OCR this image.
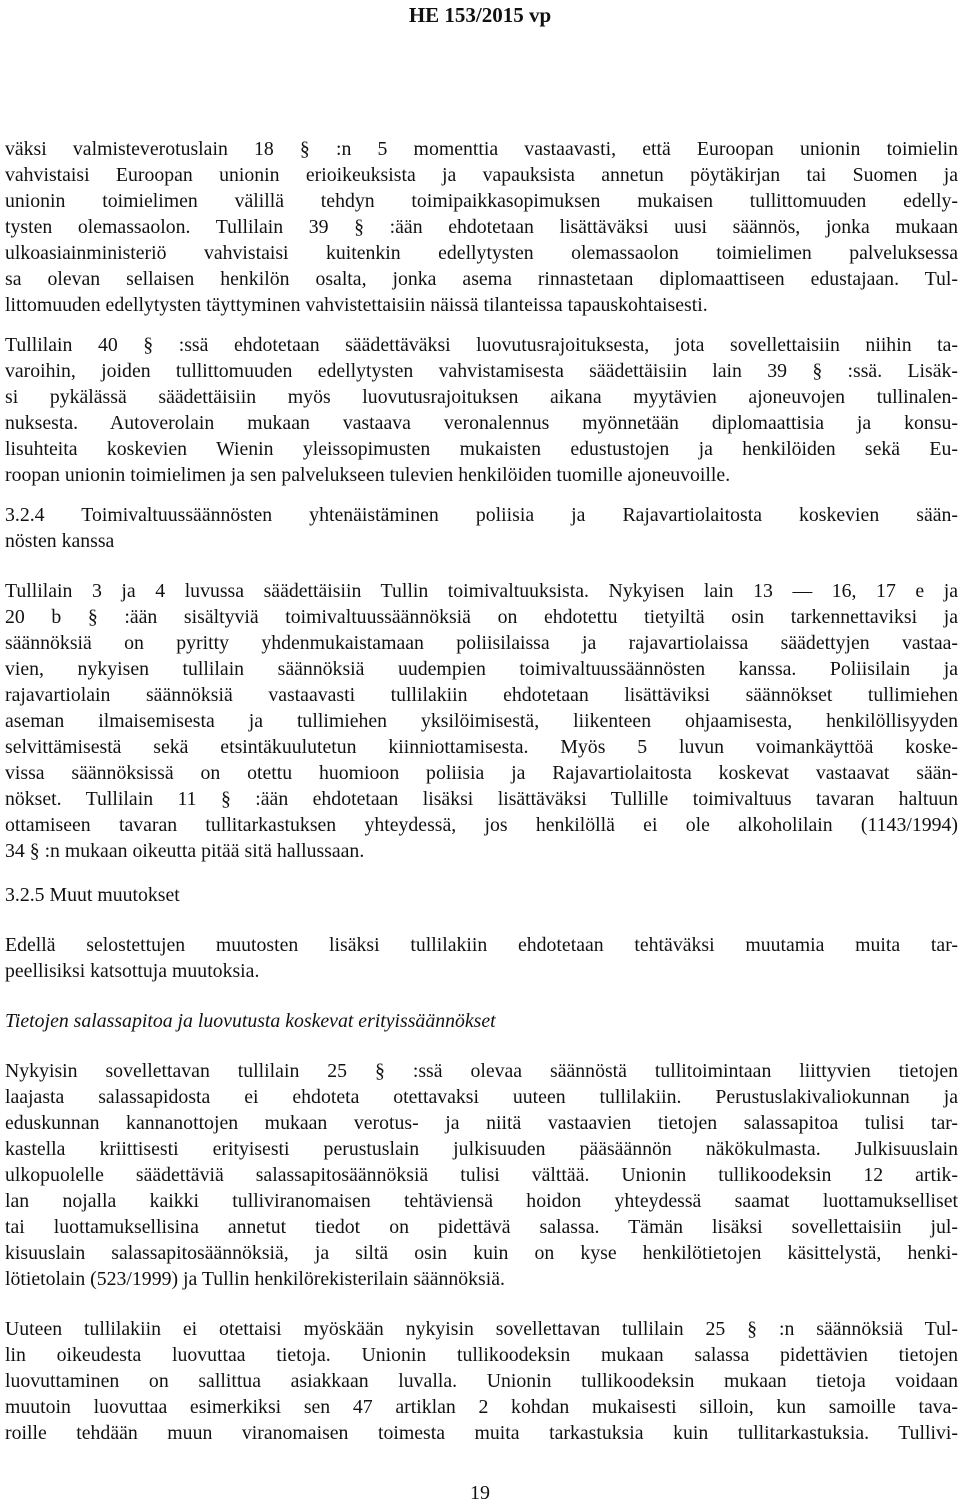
HE 153/2015 vp
väksi valmisteverotuslain 18 § :n 5 momenttia vastaavasti, että Euroopan unionin toimielin
vahvistaisi Euroopan unionin erioikeuksista ja vapauksista annetun pöytäkirjan tai Suomen ja
unionin toimielimen välillä tehdyn toimipaikkasopimuksen mukaisen tullittomuuden edelly-
tysten olemassaolon. Tullilain 39 § :ään ehdotetaan lisättäväksi uusi säännös, jonka mukaan
ulkoasiainministeriö vahvistaisi kuitenkin edellytysten olemassaolon toimielimen palveluksessa
sa olevan sellaisen henkilön osalta, jonka asema rinnastetaan diplomaattiseen edustajaan. Tul-
littomuuden edellytysten täyttyminen vahvistettaisiin näissä tilanteissa tapauskohtaisesti.
Tullilain 40 § :ssä ehdotetaan säädettäväksi luovutusrajoituksesta, jota sovellettaisiin niihin ta-
varoihin, joiden tullittomuuden edellytysten vahvistamisesta säädettäisiin lain 39 § :ssä. Lisäk-
si pykälässä säädettäisiin myös luovutusrajoituksen aikana myytävien ajoneuvojen tullinalen-
nuksesta. Autoverolain mukaan vastaava veronalennus myönnetään diplomaattisia ja konsu-
lisuhteita koskevien Wienin yleissopimusten mukaisten edustustojen ja henkilöiden sekä Eu-
roopan unionin toimielimen ja sen palvelukseen tulevien henkilöiden tuomille ajoneuvoille.
3.2.4 Toimivaltuussäännösten yhtenäistäminen poliisia ja Rajavartiolaitosta koskevien sään-
nösten kanssa
Tullilain 3 ja 4 luvussa säädettäisiin Tullin toimivaltuuksista. Nykyisen lain 13 — 16, 17 e ja
20 b § :ään sisältyviä toimivaltuussäännöksiä on ehdotettu tietyiltä osin tarkennettaviksi ja
säännöksiä on pyritty yhdenmukaistamaan poliisilaissa ja rajavartiolaissa säädettyjen vastaa-
vien, nykyisen tullilain säännöksiä uudempien toimivaltuussäännösten kanssa. Poliisilain ja
rajavartiolain säännöksiä vastaavasti tullilakiin ehdotetaan lisättäviksi säännökset tullimiehen
aseman ilmaisemisesta ja tullimiehen yksilöimisestä, liikenteen ohjaamisesta, henkilöllisyyden
selvittämisestä sekä etsintäkuulutetun kiinniottamisesta. Myös 5 luvun voimankäyttöä koske-
vissa säännöksissä on otettu huomioon poliisia ja Rajavartiolaitosta koskevat vastaavat sään-
nökset. Tullilain 11 § :ään ehdotetaan lisäksi lisättäväksi Tullille toimivaltuus tavaran haltuun
ottamiseen tavaran tullitarkastuksen yhteydessä, jos henkilöllä ei ole alkoholilain (1143/1994)
34 § :n mukaan oikeutta pitää sitä hallussaan.
3.2.5 Muut muutokset
Edellä selostettujen muutosten lisäksi tullilakiin ehdotetaan tehtäväksi muutamia muita tar-
peellisiksi katsottuja muutoksia.
Tietojen salassapitoa ja luovutusta koskevat erityissäännökset
Nykyisin sovellettavan tullilain 25 § :ssä olevaa säännöstä tullitoimintaan liittyvien tietojen
laajasta salassapidosta ei ehdoteta otettavaksi uuteen tullilakiin. Perustuslakivaliokunnan ja
eduskunnan kannanottojen mukaan verotus- ja niitä vastaavien tietojen salassapitoa tulisi tar-
kastella kriittisesti erityisesti perustuslain julkisuuden pääsäännön näkökulmasta. Julkisuuslain
ulkopuolelle säädettäviä salassapitosäännöksiä tulisi välttää. Unionin tullikoodeksin 12 artik-
lan nojalla kaikki tulliviranomaisen tehtäviensä hoidon yhteydessä saamat luottamukselliset
tai luottamuksellisina annetut tiedot on pidettävä salassa. Tämän lisäksi sovellettaisiin jul-
kisuuslain salassapitosäännöksiä, ja siltä osin kuin on kyse henkilötietojen käsittelystä, henki-
lötietolain (523/1999) ja Tullin henkilörekisterilain säännöksiä.
Uuteen tullilakiin ei otettaisi myöskään nykyisin sovellettavan tullilain 25 § :n säännöksiä Tul-
lin oikeudesta luovuttaa tietoja. Unionin tullikoodeksin mukaan salassa pidettävien tietojen
luovuttaminen on sallittua asiakkaan luvalla. Unionin tullikoodeksin mukaan tietoja voidaan
muutoin luovuttaa esimerkiksi sen 47 artiklan 2 kohdan mukaisesti silloin, kun samoille tava-
roille tehdään muun viranomaisen toimesta muita tarkastuksia kuin tullitarkastuksia. Tullivi-
19
